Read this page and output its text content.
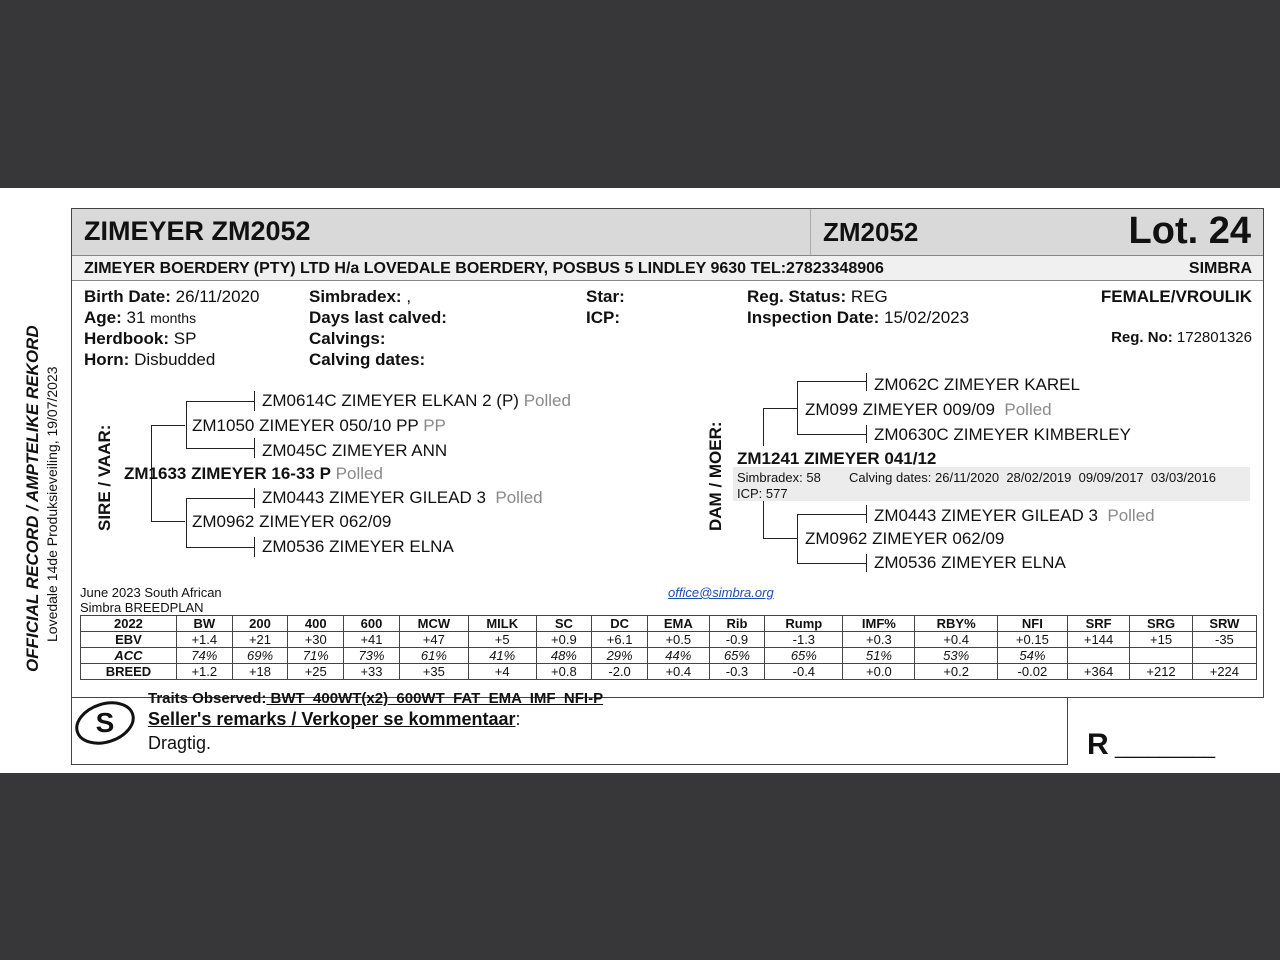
OFFICIAL RECORD / AMPTELIKE REKORD Lovedale 14de Produksieveiling, 19/07/2023
ZIMEYER ZM2052	ZM2052	Lot. 24
ZIMEYER BOERDERY (PTY) LTD H/a LOVEDALE BOERDERY, POSBUS 5 LINDLEY 9630 TEL:27823348906	SIMBRA
Birth Date: 26/11/2020
Age: 31 months
Herdbook: SP
Horn: Disbudded
Simbradex: ,
Days last calved:
Calvings:
Calving dates:
Star:
ICP:
Reg. Status: REG
Inspection Date: 15/02/2023
FEMALE/VROULIK
Reg. No: 172801326
SIRE / VAAR:
ZM0614C ZIMEYER ELKAN 2 (P) Polled
ZM1050 ZIMEYER 050/10 PP PP
ZM045C ZIMEYER ANN
ZM1633 ZIMEYER 16-33 P Polled
ZM0443 ZIMEYER GILEAD 3 Polled
ZM0962 ZIMEYER 062/09
ZM0536 ZIMEYER ELNA
DAM / MOER:
ZM062C ZIMEYER KAREL
ZM099 ZIMEYER 009/09 Polled
ZM0630C ZIMEYER KIMBERLEY
ZM1241 ZIMEYER 041/12
Simbradex: 58 Calving dates: 26/11/2020  28/02/2019  09/09/2017  03/03/2016
ICP: 577
ZM0443 ZIMEYER GILEAD 3 Polled
ZM0962 ZIMEYER 062/09
ZM0536 ZIMEYER ELNA
June 2023 South African
Simbra BREEDPLAN
office@simbra.org
2022	BW	200	400	600	MCW	MILK	SC	DC	EMA	Rib	Rump	IMF%	RBY%	NFI	SRF	SRG	SRW
EBV	+1.4	+21	+30	+41	+47	+5	+0.9	+6.1	+0.5	-0.9	-1.3	+0.3	+0.4	+0.15	+144	+15	-35
ACC	74%	69%	71%	73%	61%	41%	48%	29%	44%	65%	65%	51%	53%	54%			
BREED	+1.2	+18	+25	+33	+35	+4	+0.8	-2.0	+0.4	-0.3	-0.4	+0.0	+0.2	-0.02	+364	+212	+224
S
Traits Observed: BWT  400WT(x2)  600WT  FAT  EMA  IMF  NFI-P
Seller's remarks / Verkoper se kommentaar:
Dragtig.	R _________
